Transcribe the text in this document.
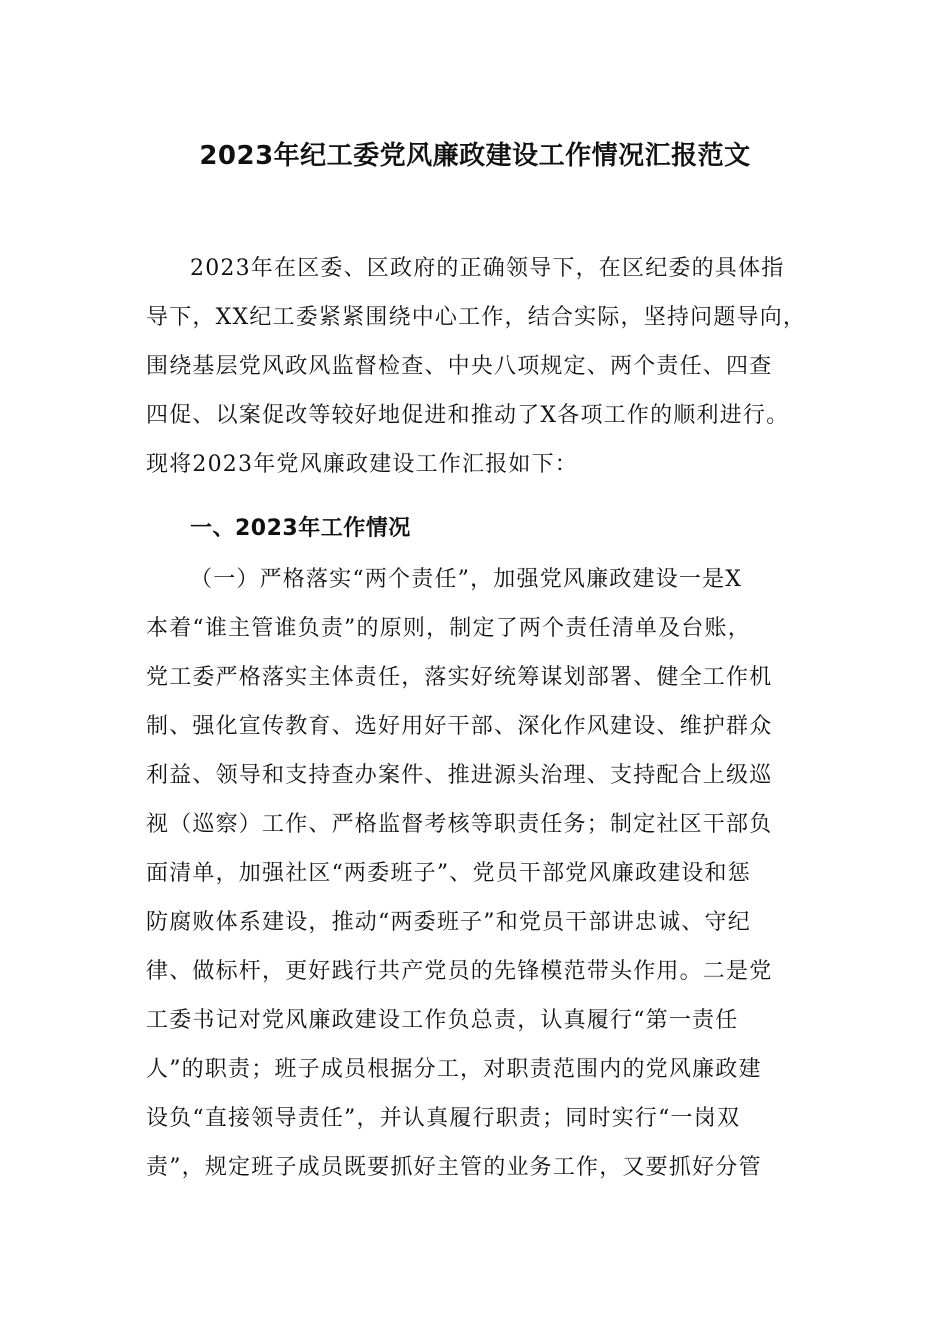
2023年纪工委党风廉政建设工作情况汇报范文
2023年在区委、区政府的正确领导下，在区纪委的具体指
导下，XX纪工委紧紧围绕中心工作，结合实际，坚持问题导向，
围绕基层党风政风监督检查、中央八项规定、两个责任、四查
四促、以案促改等较好地促进和推动了X各项工作的顺利进行。
现将2023年党风廉政建设工作汇报如下：
一、2023年工作情况
（一）严格落实“两个责任”，加强党风廉政建设一是X
本着“谁主管谁负责”的原则，制定了两个责任清单及台账，
党工委严格落实主体责任，落实好统筹谋划部署、健全工作机
制、强化宣传教育、选好用好干部、深化作风建设、维护群众
利益、领导和支持查办案件、推进源头治理、支持配合上级巡
视（巡察）工作、严格监督考核等职责任务；制定社区干部负
面清单，加强社区“两委班子”、党员干部党风廉政建设和惩
防腐败体系建设，推动“两委班子”和党员干部讲忠诚、守纪
律、做标杆，更好践行共产党员的先锋模范带头作用。二是党
工委书记对党风廉政建设工作负总责，认真履行“第一责任
人”的职责；班子成员根据分工，对职责范围内的党风廉政建
设负“直接领导责任”，并认真履行职责；同时实行“一岗双
责”，规定班子成员既要抓好主管的业务工作，又要抓好分管
